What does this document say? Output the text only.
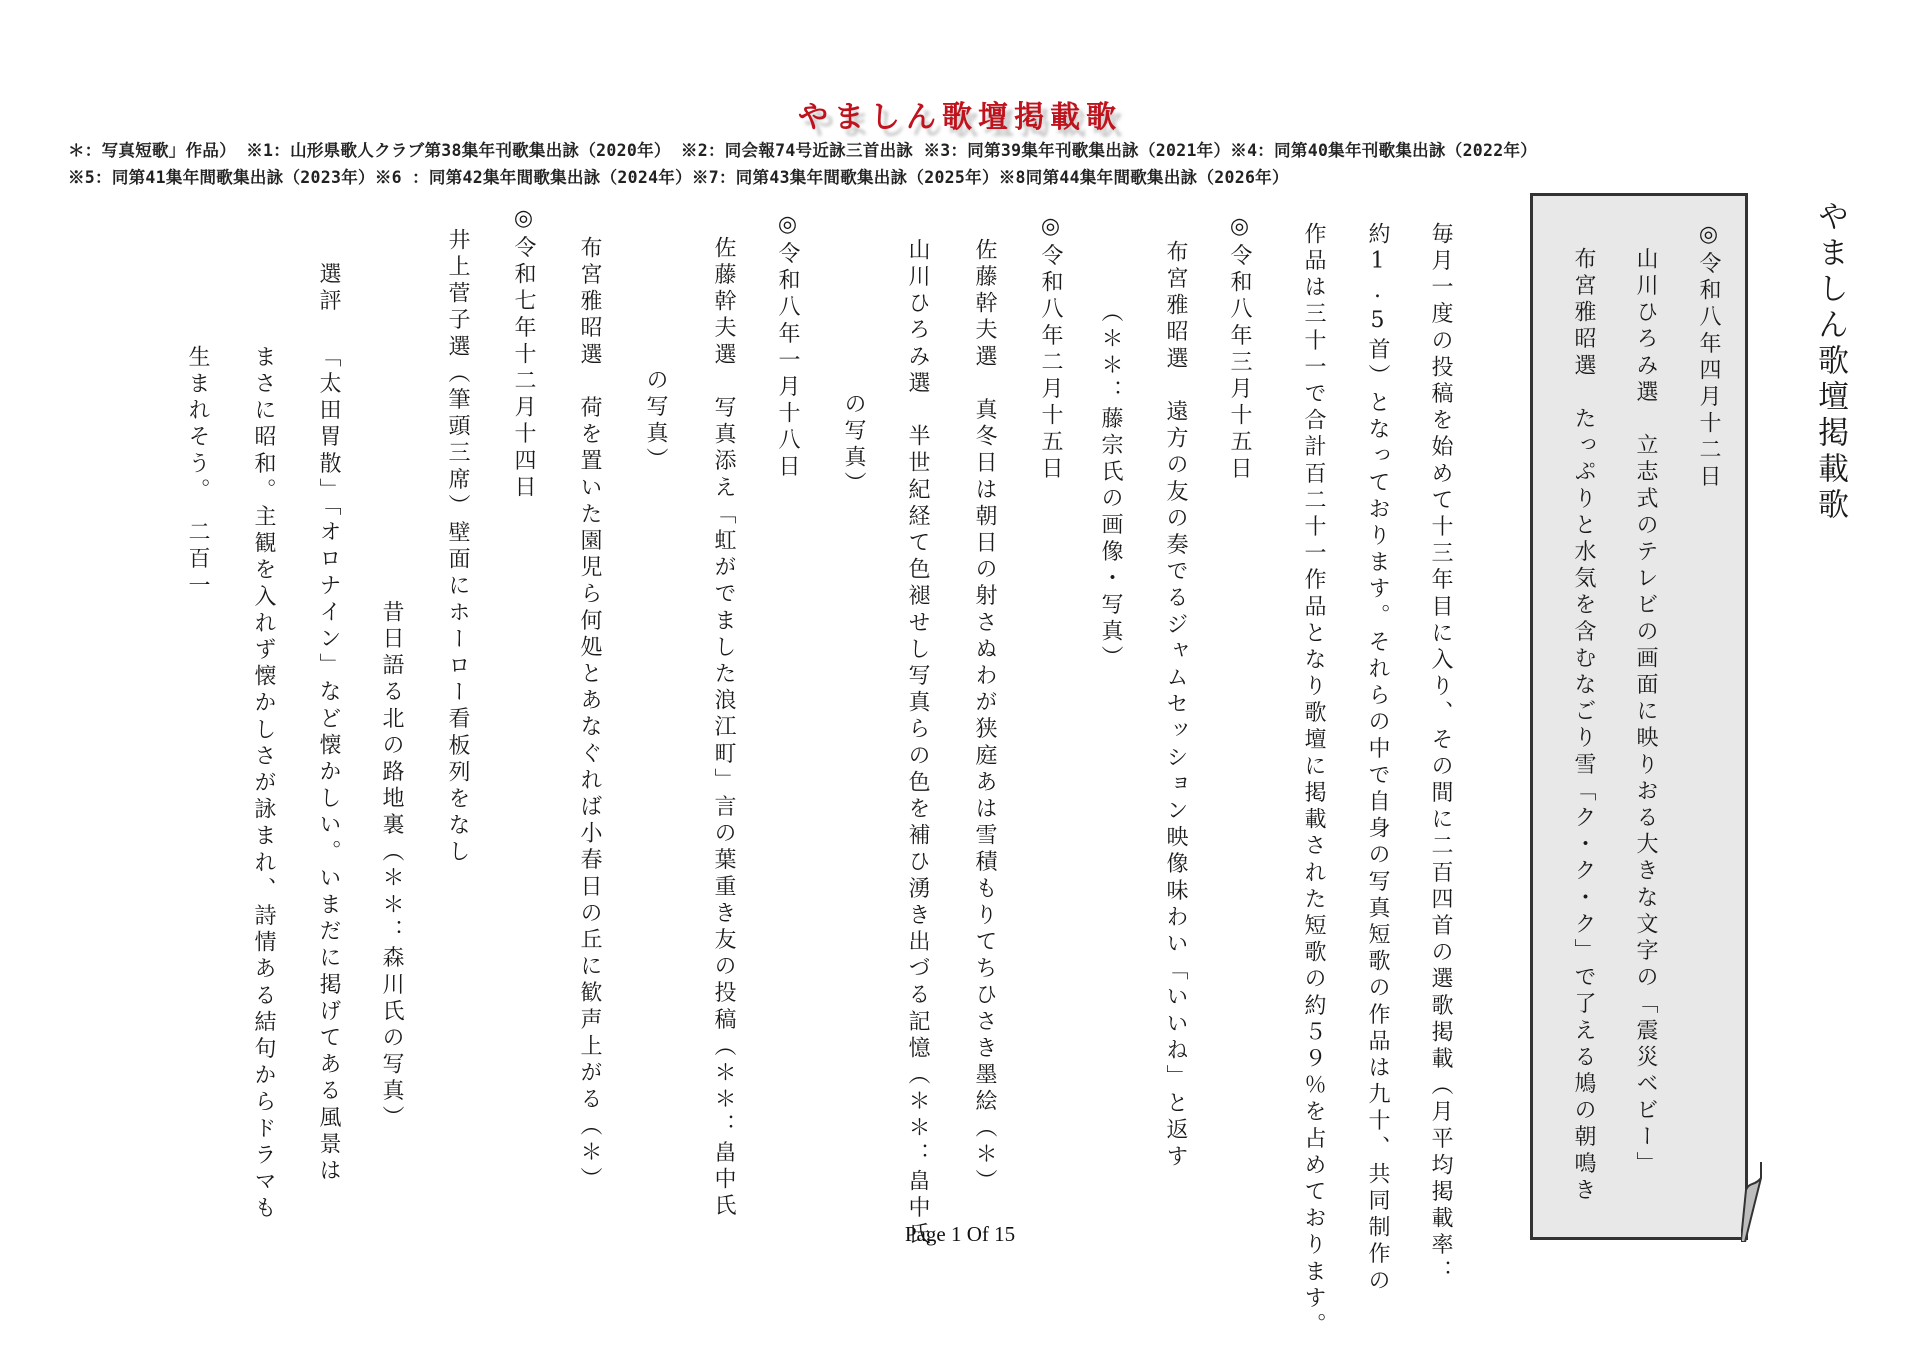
やましん歌壇掲載歌
＊：写真短歌」作品） ※1：山形県歌人クラブ第38集年刊歌集出詠（2020年） ※2：同会報74号近詠三首出詠 ※3：同第39集年刊歌集出詠（2021年）※4：同第40集年刊歌集出詠（2022年）
※5：同第41集年間歌集出詠（2023年）※6 ：同第42集年間歌集出詠（2024年）※7：同第43集年間歌集出詠（2025年）※8同第44集年間歌集出詠（2026年）
やましん歌壇掲載歌
◎令和八年四月十二日
山川ひろみ選　立志式のテレビの画面に映りおる大きな文字の「震災ベビー」
布宮雅昭選　たっぷりと水気を含むなごり雪「ク・ク・ク」で了える鳩の朝鳴き
毎月一度の投稿を始めて十三年目に入り、その間に二百四首の選歌掲載（月平均掲載率：
約1.5首）となっております。それらの中で自身の写真短歌の作品は九十、共同制作の
作品は三十一で合計百二十一作品となり歌壇に掲載された短歌の約５９％を占めております。
◎令和八年三月十五日
布宮雅昭選　遠方の友の奏でるジャムセッション映像味わい「いいね」と返す
（＊＊：藤宗氏の画像・写真）
◎令和八年二月十五日
佐藤幹夫選　真冬日は朝日の射さぬわが狭庭あは雪積もりてちひさき墨絵（＊）
山川ひろみ選　半世紀経て色褪せし写真らの色を補ひ湧き出づる記憶（＊＊：畠中氏
の写真）
◎令和八年一月十八日
佐藤幹夫選　写真添え「虹がでました浪江町」言の葉重き友の投稿（＊＊：畠中氏
の写真）
布宮雅昭選　荷を置いた園児ら何処とあなぐれば小春日の丘に歓声上がる（＊）
◎令和七年十二月十四日
井上菅子選（筆頭三席）壁面にホーロー看板列をなし
昔日語る北の路地裏（＊＊：森川氏の写真）
選評
「太田胃散」「オロナイン」など懐かしい。いまだに掲げてある風景は
まさに昭和。主観を入れず懐かしさが詠まれ、詩情ある結句からドラマも
生まれそう。　二百一
Page 1 Of 15
